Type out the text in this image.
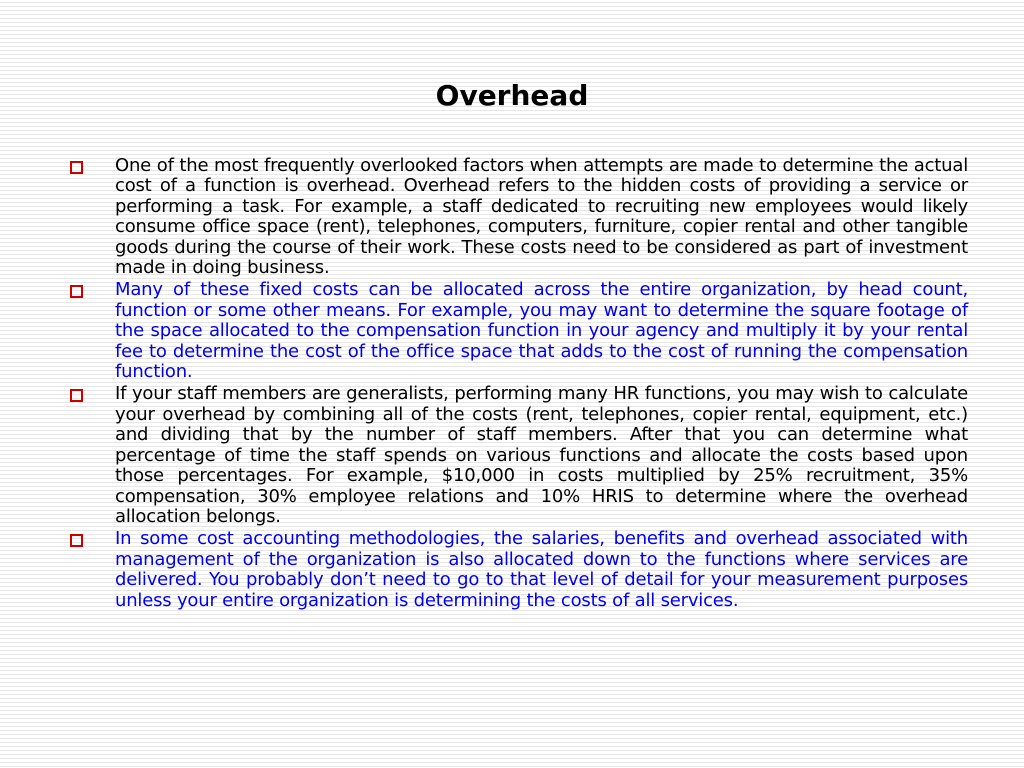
Overhead
One of the most frequently overlooked factors when attempts are made to determine the actual cost of a function is overhead. Overhead refers to the hidden costs of providing a service or performing a task. For example, a staff dedicated to recruiting new employees would likely consume office space (rent), telephones, computers, furniture, copier rental and other tangible goods during the course of their work. These costs need to be considered as part of investment made in doing business.
Many of these fixed costs can be allocated across the entire organization, by head count, function or some other means. For example, you may want to determine the square footage of the space allocated to the compensation function in your agency and multiply it by your rental fee to determine the cost of the office space that adds to the cost of running the compensation function.
If your staff members are generalists, performing many HR functions, you may wish to calculate your overhead by combining all of the costs (rent, telephones, copier rental, equipment, etc.) and dividing that by the number of staff members. After that you can determine what percentage of time the staff spends on various functions and allocate the costs based upon those percentages. For example, $10,000 in costs multiplied by 25% recruitment, 35% compensation, 30% employee relations and 10% HRIS to determine where the overhead allocation belongs.
In some cost accounting methodologies, the salaries, benefits and overhead associated with management of the organization is also allocated down to the functions where services are delivered. You probably don’t need to go to that level of detail for your measurement purposes unless your entire organization is determining the costs of all services.
